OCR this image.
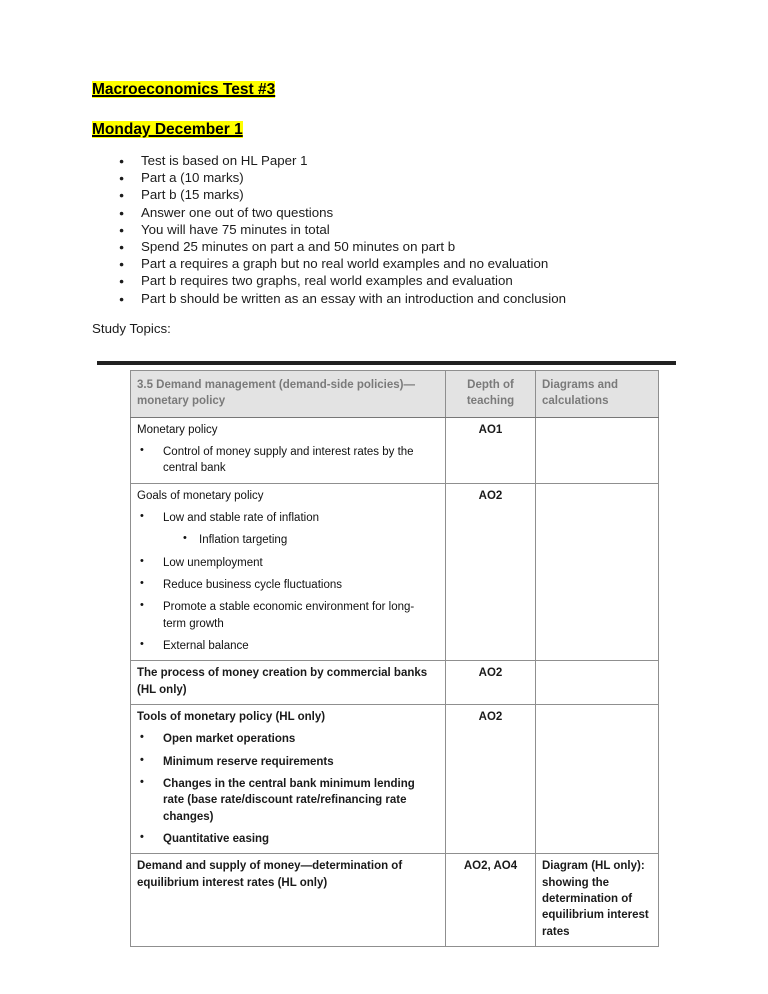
Macroeconomics Test #3
Monday December 1
● Test is based on HL Paper 1
● Part a (10 marks)
● Part b (15 marks)
● Answer one out of two questions
● You will have 75 minutes in total
● Spend 25 minutes on part a and 50 minutes on part b
● Part a requires a graph but no real world examples and no evaluation
● Part b requires two graphs, real world examples and evaluation
● Part b should be written as an essay with an introduction and conclusion
Study Topics:
3.5 Demand management (demand-side policies)—monetary policy	Depth of teaching	Diagrams and calculations

Monetary policy
• Control of money supply and interest rates by the central bank	AO1	

Goals of monetary policy
• Low and stable rate of inflation
• Inflation targeting
• Low unemployment
• Reduce business cycle fluctuations
• Promote a stable economic environment for long-term growth
• External balance
	AO2	

The process of money creation by commercial banks (HL only)	AO2	

Tools of monetary policy (HL only)
• Open market operations
• Minimum reserve requirements
• Changes in the central bank minimum lending rate (base rate/discount rate/refinancing rate changes)
• Quantitative easing	AO2	

Demand and supply of money—determination of equilibrium interest rates (HL only)	AO2, AO4	Diagram (HL only): showing the determination of equilibrium interest rates
